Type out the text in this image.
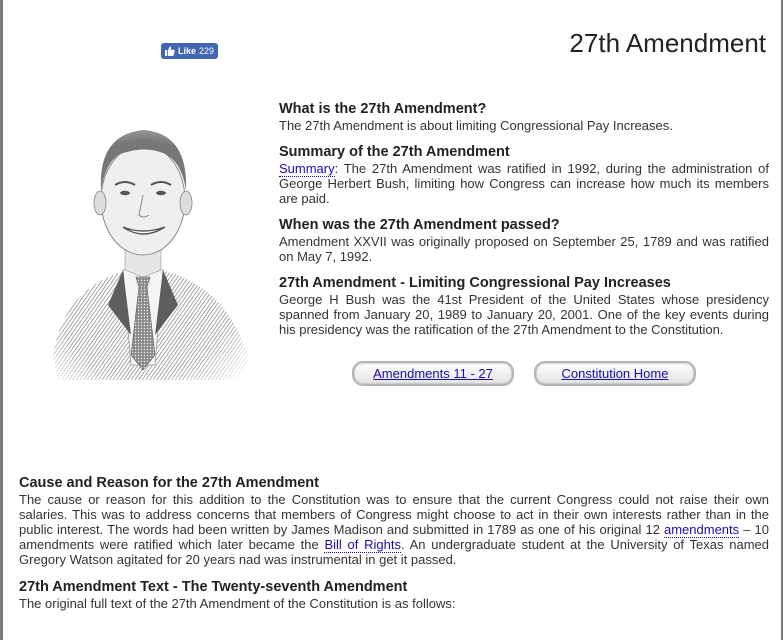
Like 229	27th Amendment
What is the 27th Amendment?

The 27th Amendment is about limiting Congressional Pay Increases.

Summary of the 27th Amendment

Summary: The 27th Amendment was ratified in 1992, during the administration of George Herbert Bush, limiting how Congress can increase how much its members are paid.

When was the 27th Amendment passed?

Amendment XXVII was originally proposed on September 25, 1789 and was ratified on May 7, 1992.

27th Amendment - Limiting Congressional Pay Increases

George H Bush was the 41st President of the United States whose presidency spanned from January 20, 1989 to January 20, 2001. One of the key events during his presidency was the ratification of the 27th Amendment to the Constitution.

Amendments 11 - 27	Constitution Home
Cause and Reason for the 27th Amendment

The cause or reason for this addition to the Constitution was to ensure that the current Congress could not raise their own salaries. This was to address concerns that members of Congress might choose to act in their own interests rather than in the public interest. The words had been written by James Madison and submitted in 1789 as one of his original 12 amendments – 10 amendments were ratified which later became the Bill of Rights. An undergraduate student at the University of Texas named Gregory Watson agitated for 20 years nad was instrumental in get it passed.

27th Amendment Text - The Twenty-seventh Amendment

The original full text of the 27th Amendment of the Constitution is as follows:
